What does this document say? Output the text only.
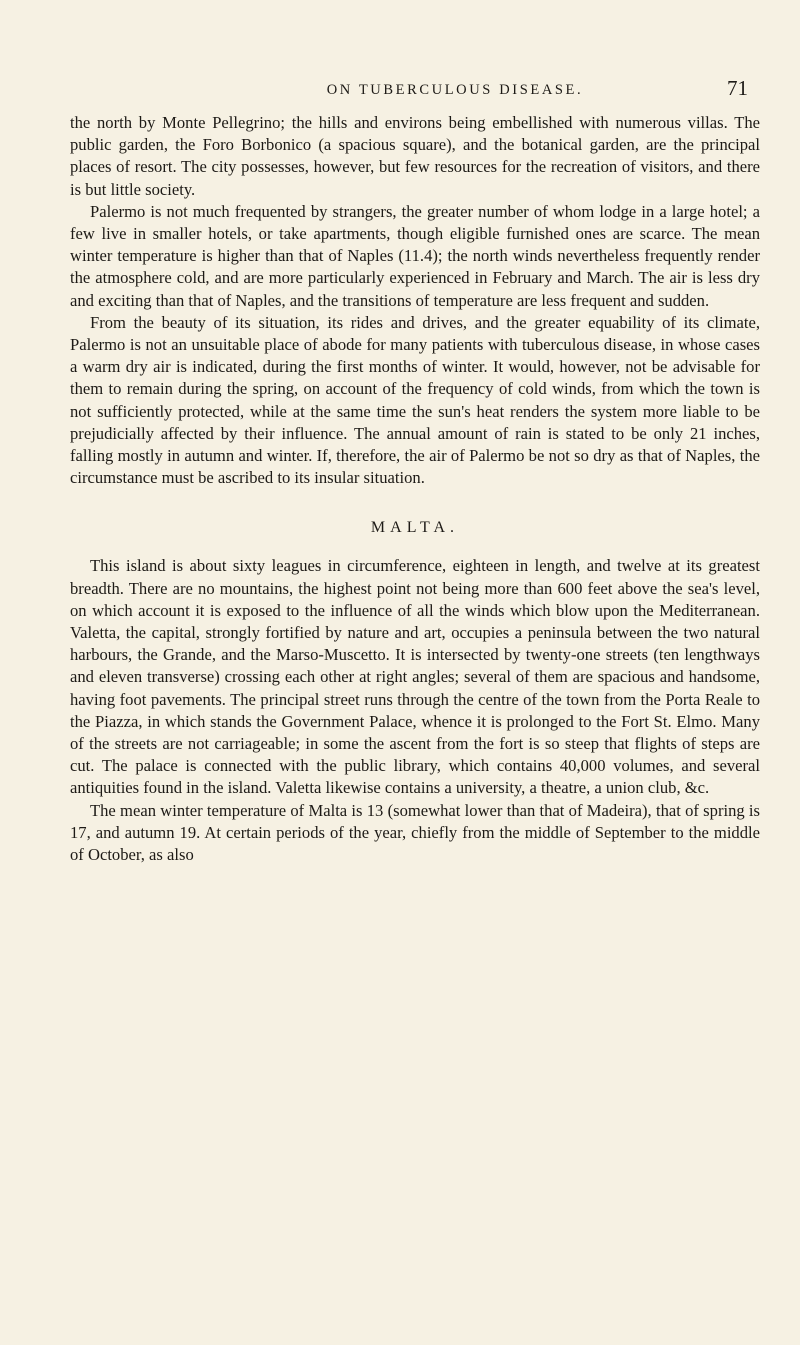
ON TUBERCULOUS DISEASE.	71

the north by Monte Pellegrino; the hills and environs being embellished with numerous villas. The public garden, the Foro Borbonico (a spacious square), and the botanical garden, are the principal places of resort. The city possesses, however, but few resources for the recreation of visitors, and there is but little society.

Palermo is not much frequented by strangers, the greater number of whom lodge in a large hotel; a few live in smaller hotels, or take apartments, though eligible furnished ones are scarce. The mean winter temperature is higher than that of Naples (11.4); the north winds nevertheless frequently render the atmosphere cold, and are more particularly experienced in February and March. The air is less dry and exciting than that of Naples, and the transitions of temperature are less frequent and sudden.

From the beauty of its situation, its rides and drives, and the greater equability of its climate, Palermo is not an unsuitable place of abode for many patients with tuberculous disease, in whose cases a warm dry air is indicated, during the first months of winter. It would, however, not be advisable for them to remain during the spring, on account of the frequency of cold winds, from which the town is not sufficiently protected, while at the same time the sun's heat renders the system more liable to be prejudicially affected by their influence. The annual amount of rain is stated to be only 21 inches, falling mostly in autumn and winter. If, therefore, the air of Palermo be not so dry as that of Naples, the circumstance must be ascribed to its insular situation.

MALTA.

This island is about sixty leagues in circumference, eighteen in length, and twelve at its greatest breadth. There are no mountains, the highest point not being more than 600 feet above the sea's level, on which account it is exposed to the influence of all the winds which blow upon the Mediterranean. Valetta, the capital, strongly fortified by nature and art, occupies a peninsula between the two natural harbours, the Grande, and the Marso-Muscetto. It is intersected by twenty-one streets (ten lengthways and eleven transverse) crossing each other at right angles; several of them are spacious and handsome, having foot pavements. The principal street runs through the centre of the town from the Porta Reale to the Piazza, in which stands the Government Palace, whence it is prolonged to the Fort St. Elmo. Many of the streets are not carriageable; in some the ascent from the fort is so steep that flights of steps are cut. The palace is connected with the public library, which contains 40,000 volumes, and several antiquities found in the island. Valetta likewise contains a university, a theatre, a union club, &c.

The mean winter temperature of Malta is 13 (somewhat lower than that of Madeira), that of spring is 17, and autumn 19. At certain periods of the year, chiefly from the middle of September to the middle of October, as also
